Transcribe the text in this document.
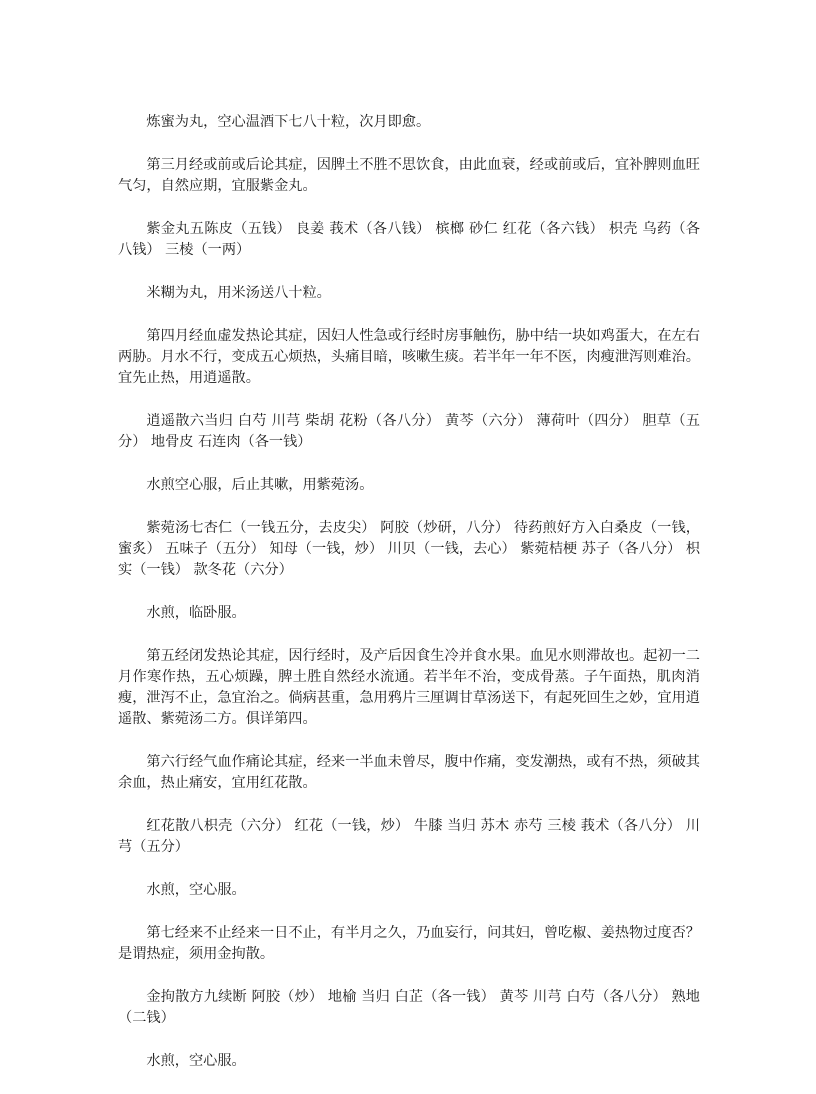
炼蜜为丸，空心温酒下七八十粒，次月即愈。

第三月经或前或后论其症，因脾土不胜不思饮食，由此血衰，经或前或后，宜补脾则血旺气匀，自然应期，宜服紫金丸。

紫金丸五陈皮（五钱） 良姜 莪术（各八钱） 槟榔 砂仁 红花（各六钱） 枳壳 乌药（各八钱） 三棱（一两）

米糊为丸，用米汤送八十粒。

第四月经血虚发热论其症，因妇人性急或行经时房事触伤，胁中结一块如鸡蛋大，在左右两胁。月水不行，变成五心烦热，头痛目暗，咳嗽生痰。若半年一年不医，肉瘦泄泻则难治。宜先止热，用逍遥散。

逍遥散六当归 白芍 川芎 柴胡 花粉（各八分） 黄芩（六分） 薄荷叶（四分） 胆草（五分） 地骨皮 石连肉（各一钱）

水煎空心服，后止其嗽，用紫菀汤。

紫菀汤七杏仁（一钱五分，去皮尖） 阿胶（炒研，八分） 待药煎好方入白桑皮（一钱，蜜炙） 五味子（五分） 知母（一钱，炒） 川贝（一钱，去心） 紫菀桔梗 苏子（各八分） 枳实（一钱） 款冬花（六分）

水煎，临卧服。

第五经闭发热论其症，因行经时，及产后因食生冷并食水果。血见水则滞故也。起初一二月作寒作热，五心烦躁，脾土胜自然经水流通。若半年不治，变成骨蒸。子午面热，肌肉消瘦，泄泻不止，急宜治之。倘病甚重，急用鸦片三厘调甘草汤送下，有起死回生之妙，宜用逍遥散、紫菀汤二方。俱详第四。

第六行经气血作痛论其症，经来一半血未曾尽，腹中作痛，变发潮热，或有不热，须破其余血，热止痛安，宜用红花散。

红花散八枳壳（六分） 红花（一钱，炒） 牛膝 当归 苏木 赤芍 三棱 莪术（各八分） 川芎（五分）

水煎，空心服。

第七经来不止经来一日不止，有半月之久，乃血妄行，问其妇，曾吃椒、姜热物过度否？是谓热症，须用金拘散。

金拘散方九续断 阿胶（炒） 地榆 当归 白芷（各一钱） 黄芩 川芎 白芍（各八分） 熟地（二钱）

水煎，空心服。
